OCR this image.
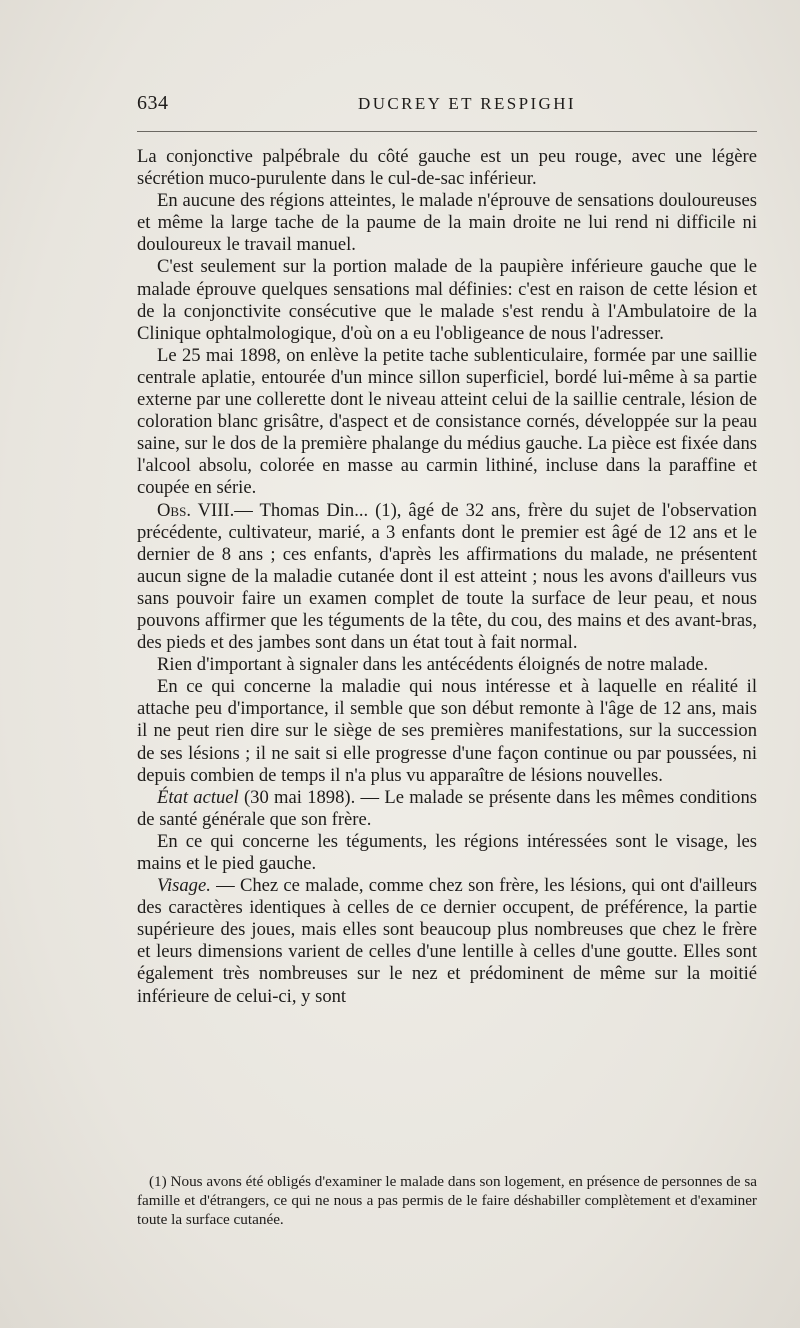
634	DUCREY ET RESPIGHI

La conjonctive palpébrale du côté gauche est un peu rouge, avec une légère sécrétion muco-purulente dans le cul-de-sac inférieur.

En aucune des régions atteintes, le malade n'éprouve de sensations douloureuses et même la large tache de la paume de la main droite ne lui rend ni difficile ni douloureux le travail manuel.

C'est seulement sur la portion malade de la paupière inférieure gauche que le malade éprouve quelques sensations mal définies: c'est en raison de cette lésion et de la conjonctivite consécutive que le malade s'est rendu à l'Ambulatoire de la Clinique ophtalmologique, d'où on a eu l'obligeance de nous l'adresser.

Le 25 mai 1898, on enlève la petite tache sublenticulaire, formée par une saillie centrale aplatie, entourée d'un mince sillon superficiel, bordé lui-même à sa partie externe par une collerette dont le niveau atteint celui de la saillie centrale, lésion de coloration blanc grisâtre, d'aspect et de consistance cornés, développée sur la peau saine, sur le dos de la première phalange du médius gauche. La pièce est fixée dans l'alcool absolu, colorée en masse au carmin lithiné, incluse dans la paraffine et coupée en série.

Obs. VIII.— Thomas Din... (1), âgé de 32 ans, frère du sujet de l'observation précédente, cultivateur, marié, a 3 enfants dont le premier est âgé de 12 ans et le dernier de 8 ans ; ces enfants, d'après les affirmations du malade, ne présentent aucun signe de la maladie cutanée dont il est atteint ; nous les avons d'ailleurs vus sans pouvoir faire un examen complet de toute la surface de leur peau, et nous pouvons affirmer que les téguments de la tête, du cou, des mains et des avant-bras, des pieds et des jambes sont dans un état tout à fait normal.

Rien d'important à signaler dans les antécédents éloignés de notre malade.

En ce qui concerne la maladie qui nous intéresse et à laquelle en réalité il attache peu d'importance, il semble que son début remonte à l'âge de 12 ans, mais il ne peut rien dire sur le siège de ses premières manifestations, sur la succession de ses lésions ; il ne sait si elle progresse d'une façon continue ou par poussées, ni depuis combien de temps il n'a plus vu apparaître de lésions nouvelles.

État actuel (30 mai 1898). — Le malade se présente dans les mêmes conditions de santé générale que son frère.

En ce qui concerne les téguments, les régions intéressées sont le visage, les mains et le pied gauche.

Visage. — Chez ce malade, comme chez son frère, les lésions, qui ont d'ailleurs des caractères identiques à celles de ce dernier occupent, de préférence, la partie supérieure des joues, mais elles sont beaucoup plus nombreuses que chez le frère et leurs dimensions varient de celles d'une lentille à celles d'une goutte. Elles sont également très nombreuses sur le nez et prédominent de même sur la moitié inférieure de celui-ci, y sont

(1) Nous avons été obligés d'examiner le malade dans son logement, en présence de personnes de sa famille et d'étrangers, ce qui ne nous a pas permis de le faire déshabiller complètement et d'examiner toute la surface cutanée.
